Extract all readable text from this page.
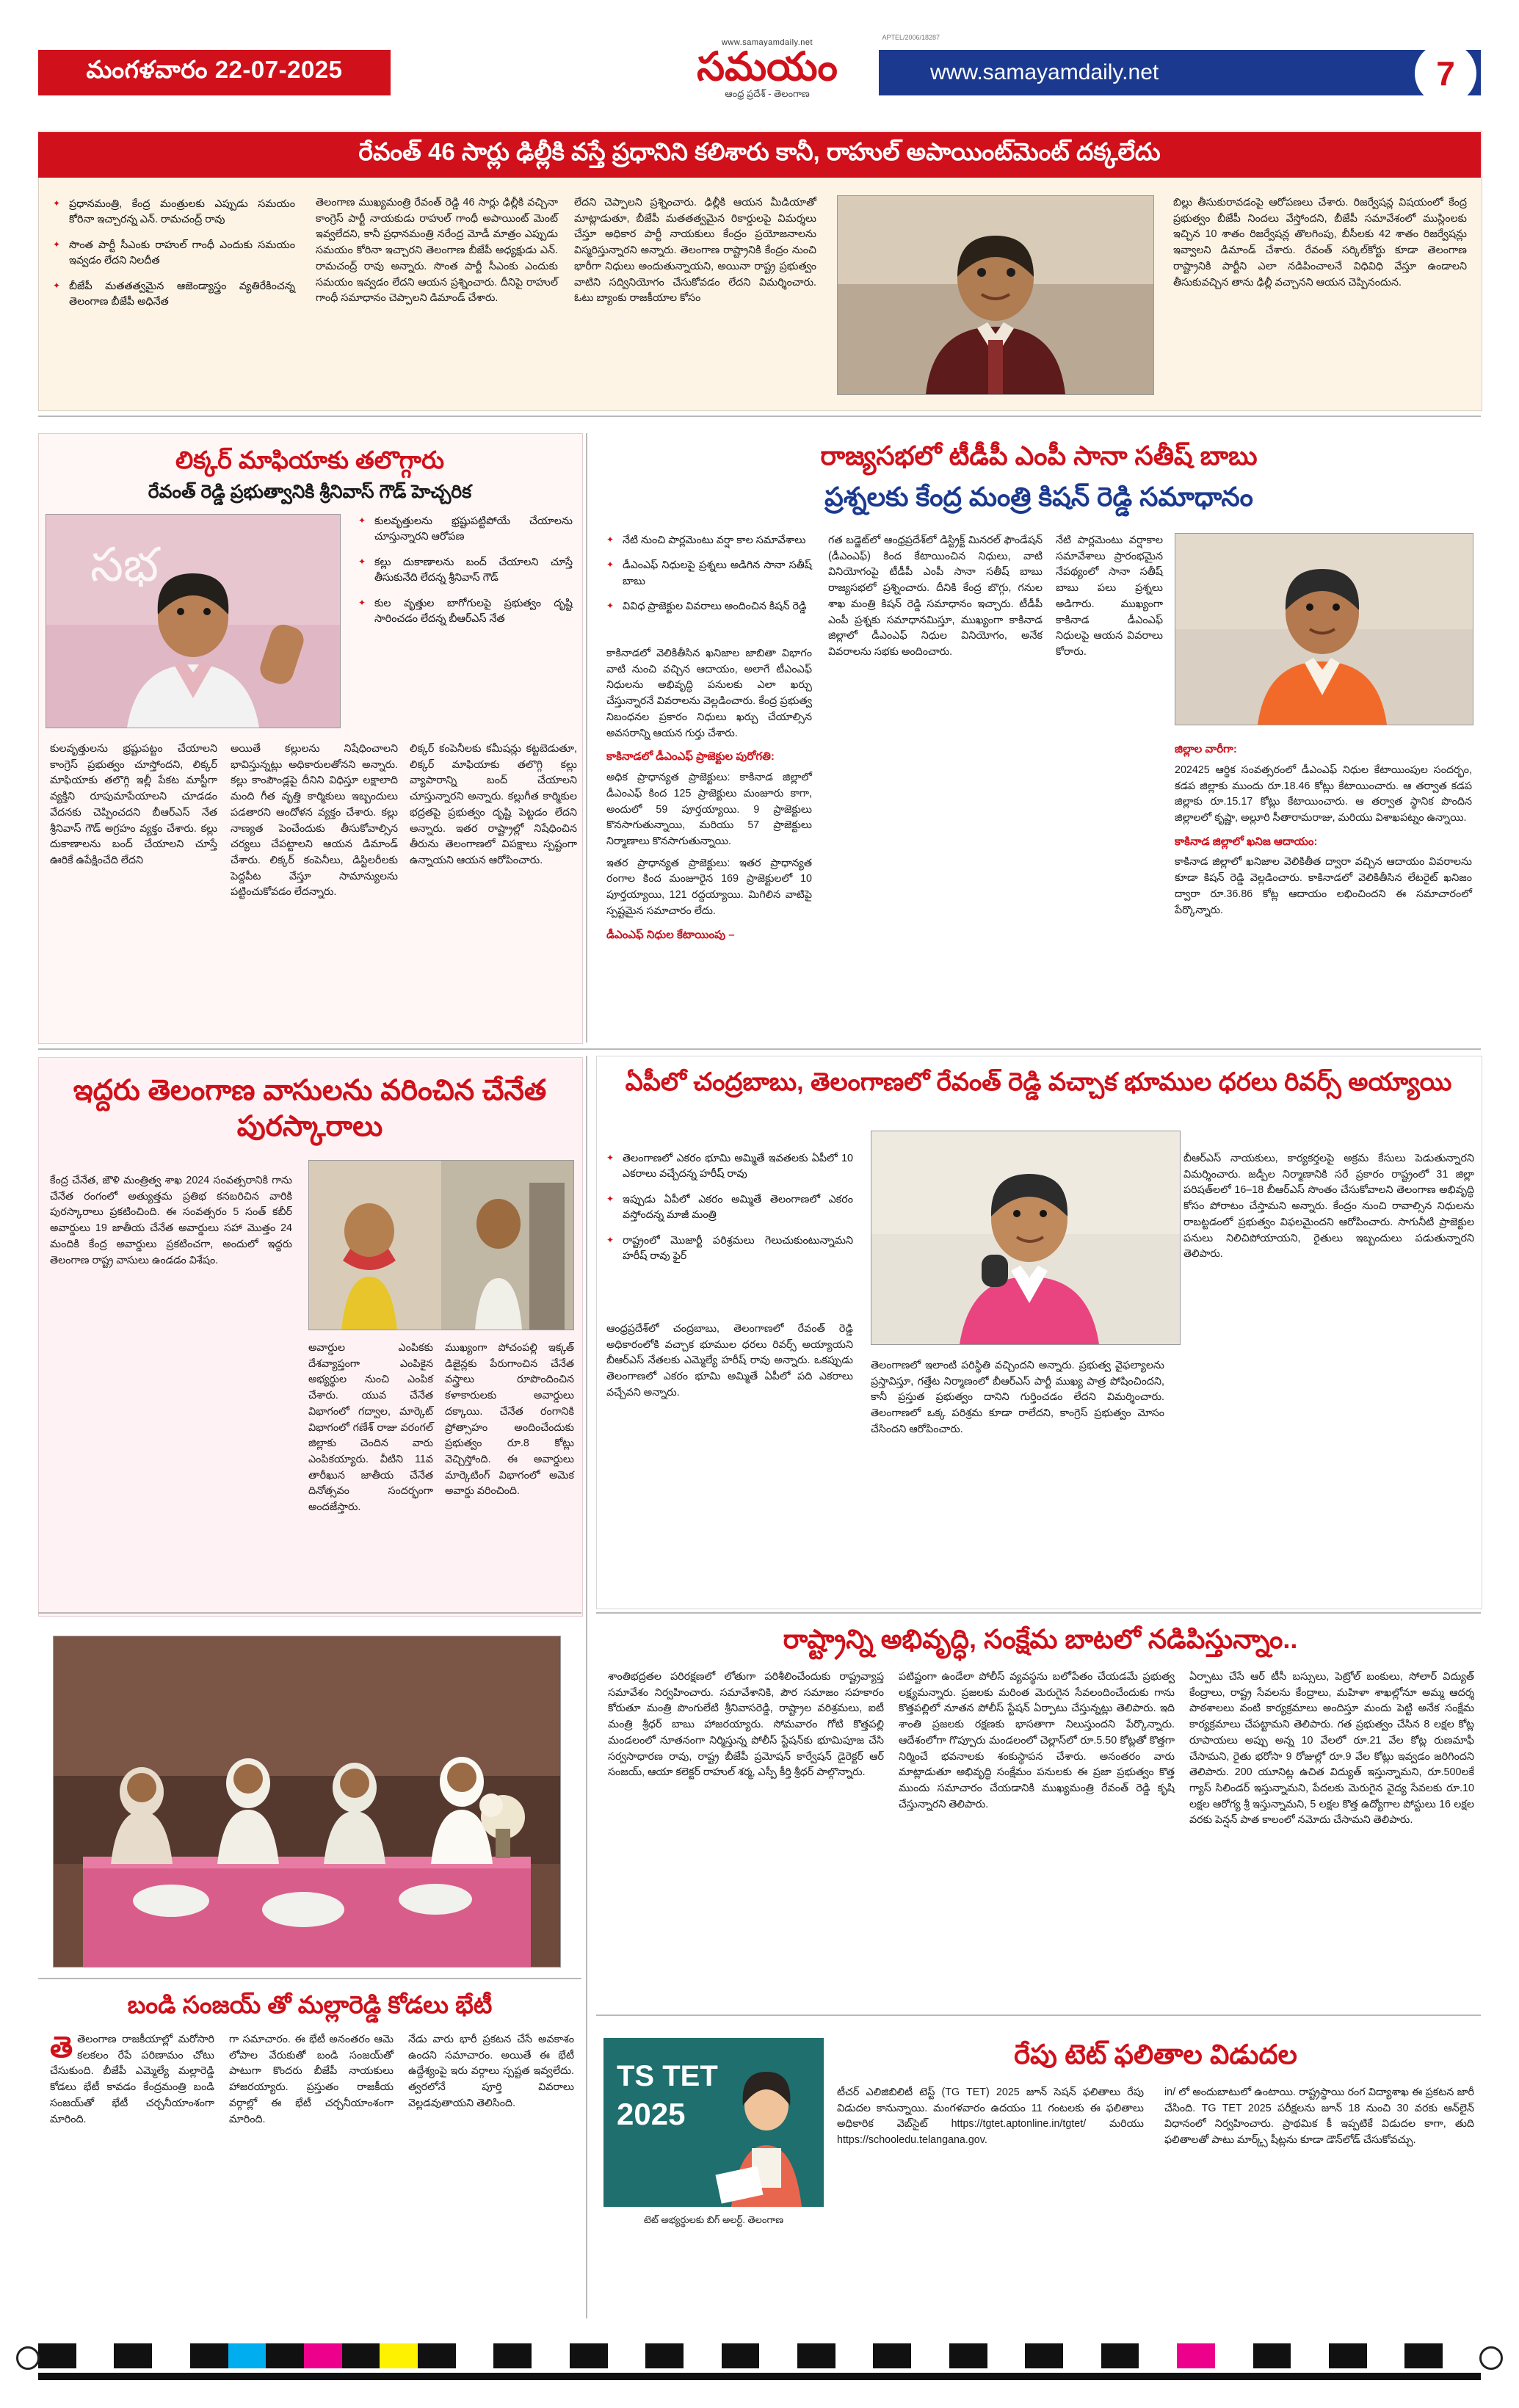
మంగళవారం 22-07-2025
www.samayamdaily.net
సమయం
ఆంధ్ర ప్రదేశ్ - తెలంగాణ
APTEL/2006/18287
www.samayamdaily.net	7
రేవంత్ 46 సార్లు ఢిల్లీకి వస్తే ప్రధానిని కలిశారు కానీ, రాహుల్ అపాయింట్‌మెంట్ దక్కలేదు
✦ ప్రధానమంత్రి, కేంద్ర మంత్రులకు ఎప్పుడు సమయం కోరినా ఇచ్చారన్న ఎన్. రామచంద్ర్ రావు
✦ సొంత పార్టీ సీఎంకు రాహుల్ గాంధీ ఎందుకు సమయం ఇవ్వడం లేదని నిలదీత
✦ బీజేపీ మతతత్వమైన ఆజెండ్యాస్త్రం వ్యతిరేకించన్న తెలంగాణ బీజేపీ అధినేత
తెలంగాణ ముఖ్యమంత్రి రేవంత్ రెడ్డి 46 సార్లు ఢిల్లీకి వచ్చినా కాంగ్రెస్ పార్టీ నాయకుడు రాహుల్ గాంధీ అపాయింట్ మెంట్ ఇవ్వలేదని, కానీ ప్రధానమంత్రి నరేంద్ర మోడీ మాత్రం ఎప్పుడు సమయం కోరినా ఇచ్చారని తెలంగాణ బీజేపీ అధ్యక్షుడు ఎన్. రామచంద్ర్ రావు అన్నారు. సొంత పార్టీ సీఎంకు ఎందుకు సమయం ఇవ్వడం లేదని ఆయన ప్రశ్నించారు. దీనిపై రాహుల్ గాంధీ సమాధానం చెప్పాలని డిమాండ్ చేశారు.
లేదని చెప్పాలని ప్రశ్నించారు. ఢిల్లీకి ఆయన మీడియాతో మాట్లాడుతూ, బీజేపీ మతతత్వమైన రికార్డులపై విమర్శలు చేస్తూ అధికార పార్టీ నాయకులు కేంద్రం ప్రయోజనాలను విస్మరిస్తున్నారని అన్నారు. తెలంగాణ రాష్ట్రానికి కేంద్రం నుంచి భారీగా నిధులు అందుతున్నాయని, అయినా రాష్ట్ర ప్రభుత్వం వాటిని సద్వినియోగం చేసుకోవడం లేదని విమర్శించారు. ఓటు బ్యాంకు రాజకీయాల కోసం
బిల్లు తీసుకురావడంపై ఆరోపణలు చేశారు. రిజర్వేషన్ల విషయంలో కేంద్ర ప్రభుత్వం బీజేపీ నిందలు వేస్తోందని, బీజేపీ సమావేశంలో ముస్లింలకు ఇచ్చిన 10 శాతం రిజర్వేషన్ల తొలగింపు, బీసీలకు 42 శాతం రిజర్వేషన్లు ఇవ్వాలని డిమాండ్ చేశారు. రేవంత్ సర్కిల్‌కోర్టు కూడా తెలంగాణ రాష్ట్రానికి పార్టీని ఎలా నడిపించాలనే విధివిధి వేస్తూ ఉండాలని తీసుకువచ్చిన తాను ఢిల్లీ వచ్చానని ఆయన చెప్పినందున.
లిక్కర్ మాఫియాకు తలొగ్గారు
రేవంత్ రెడ్డి ప్రభుత్వానికి శ్రీనివాస్ గౌడ్ హెచ్చరిక
సభ
✦ కులవృత్తులను భ్రష్టుపట్టిపోయే చేయాలను చూస్తున్నారని ఆరోపణ
✦ కల్లు దుకాణాలను బంద్ చేయాలని చూస్తే తీసుకునేది లేదన్న శ్రీనివాస్ గౌడ్
✦ కుల వృత్తుల బాగోగులపై ప్రభుత్వం దృష్టి సారించడం లేదన్న బీఆర్ఎస్ నేత
కులవృత్తులను భ్రష్టుపట్టం చేయాలని కాంగ్రెస్ ప్రభుత్వం చూస్తోందని, లిక్కర్ మాఫియాకు తలొగ్గి ఇల్లీ పేకట మాస్టీగా వ్యక్తిని రూపుమాపేయాలని చూడడం వేదనకు చెప్పించదని బీఆర్ఎస్ నేత శ్రీనివాస్ గౌడ్ అగ్రహం వ్యక్తం చేశారు. కల్లు దుకాణాలను బంద్ చేయాలని చూస్తే ఊరికే ఉపేక్షించేది లేదని
అయితే కల్లులను నిషేధించాలని భావిస్తున్నట్లు అధికారులతోనని అన్నారు. కల్లు కాంపౌండ్లపై దీనిని విధిస్తూ లక్షాలాది మంది గీత వృత్తి కార్మికులు ఇబ్బందులు పడతారని ఆందోళన వ్యక్తం చేశారు. కల్లు నాణ్యత పెంచేందుకు తీసుకోవాల్సిన చర్యలు చేపట్టాలని ఆయన డిమాండ్ చేశారు. లిక్కర్ కంపెనీలు, డిస్టిలరీలకు పెద్దపీట వేస్తూ సామాన్యులను పట్టించుకోవడం లేదన్నారు.
లిక్కర్ కంపెనీలకు కమీషన్లు కట్టబెడుతూ, లిక్కర్ మాఫియాకు తలొగ్గి కల్లు వ్యాపారాన్ని బంద్ చేయాలని చూస్తున్నారని అన్నారు. కల్లుగీత కార్మికుల భద్రతపై ప్రభుత్వం దృష్టి పెట్టడం లేదని అన్నారు. ఇతర రాష్ట్రాల్లో నిషేధించిన తీరును తెలంగాణలో విపక్షాలు స్పష్టంగా ఉన్నాయని ఆయన ఆరోపించారు.
రాజ్యసభలో టీడీపీ ఎంపీ సానా సతీష్ బాబు
ప్రశ్నలకు కేంద్ర మంత్రి కిషన్ రెడ్డి సమాధానం
✦ నేటి నుంచి పార్లమెంటు వర్షా కాల సమావేశాలు
✦ డీఎంఎఫ్ నిధులపై ప్రశ్నలు అడిగిన సానా సతీష్ బాబు
✦ వివిధ ప్రాజెక్టుల వివరాలు అందించిన కిషన్ రెడ్డి
గత బడ్జెట్‌లో ఆంధ్రప్రదేశ్‌లో డిస్ట్రిక్ట్ మినరల్ ఫౌండేషన్ (డీఎంఎఫ్) కింద కేటాయించిన నిధులు, వాటి వినియోగంపై టీడీపీ ఎంపీ సానా సతీష్ బాబు రాజ్యసభలో ప్రశ్నించారు. దీనికి కేంద్ర బొగ్గు, గనుల శాఖ మంత్రి కిషన్ రెడ్డి సమాధానం ఇచ్చారు. టీడీపీ ఎంపీ ప్రశ్నకు సమాధానమిస్తూ, ముఖ్యంగా కాకినాడ జిల్లాలో డీఎంఎఫ్ నిధుల వినియోగం, అనేక వివరాలను సభకు అందించారు.
కాకినాడలో వెలికితీసిన ఖనిజాల జాబితా విభాగం వాటి నుంచి వచ్చిన ఆదాయం, అలాగే టీఎంఎఫ్ నిధులను అభివృద్ధి పనులకు ఎలా ఖర్చు చేస్తున్నారనే వివరాలను వెల్లడించారు. కేంద్ర ప్రభుత్వ నిబంధనల ప్రకారం నిధులు ఖర్చు చేయాల్సిన అవసరాన్ని ఆయన గుర్తు చేశారు.
కాకినాడలో డీఎంఎఫ్ ప్రాజెక్టుల పురోగతి:
అధిక ప్రాధాన్యత ప్రాజెక్టులు: కాకినాడ జిల్లాలో డీఎంఎఫ్ కింద 125 ప్రాజెక్టులు మంజూరు కాగా, అందులో 59 పూర్తయ్యాయి. 9 ప్రాజెక్టులు కొనసాగుతున్నాయి, మరియు 57 ప్రాజెక్టులు నిర్మాణాలు కొనసాగుతున్నాయి.
ఇతర ప్రాధాన్యత ప్రాజెక్టులు: ఇతర ప్రాధాన్యత రంగాల కింద మంజూరైన 169 ప్రాజెక్టులలో 10 పూర్తయ్యాయి, 121 రద్దయ్యాయి. మిగిలిన వాటిపై స్పష్టమైన సమాచారం లేదు.
డీఎంఎఫ్ నిధుల కేటాయింపు –
నేటి పార్లమెంటు వర్షాకాల సమావేశాలు ప్రారంభమైన నేపథ్యంలో సానా సతీష్ బాబు పలు ప్రశ్నలు అడిగారు. ముఖ్యంగా కాకినాడ డీఎంఎఫ్ నిధులపై ఆయన వివరాలు కోరారు.
జిల్లాల వారీగా:
202425 ఆర్థిక సంవత్సరంలో డీఎంఎఫ్ నిధుల కేటాయింపుల సందర్భం, కడప జిల్లాకు ముందు రూ.18.46 కోట్లు కేటాయించారు. ఆ తర్వాత కడప జిల్లాకు రూ.15.17 కోట్లు కేటాయించారు. ఆ తర్వాత స్థానిక పొందిన జిల్లాలలో కృష్ణా, అల్లూరి సీతారామరాజు, మరియు విశాఖపట్నం ఉన్నాయి.
కాకినాడ జిల్లాలో ఖనిజ ఆదాయం:
కాకినాడ జిల్లాలో ఖనిజాల వెలికితీత ద్వారా వచ్చిన ఆదాయం వివరాలను కూడా కిషన్ రెడ్డి వెల్లడించారు. కాకినాడలో వెలికితీసిన లేటరైట్ ఖనిజం ద్వారా రూ.36.86 కోట్ల ఆదాయం లభించిందని ఈ సమాచారంలో పేర్కొన్నారు.
ఇద్దరు తెలంగాణ వాసులను వరించిన చేనేత పురస్కారాలు
కేంద్ర చేనేత, జౌళి మంత్రిత్వ శాఖ 2024 సంవత్సరానికి గాను చేనేత రంగంలో అత్యుత్తమ ప్రతిభ కనబరిచిన వారికి పురస్కారాలు ప్రకటించింది. ఈ సంవత్సరం 5 సంత్ కబీర్ అవార్డులు 19 జాతీయ చేనేత అవార్డులు సహా మొత్తం 24 మందికి కేంద్ర అవార్డులు ప్రకటించగా, అందులో ఇద్దరు తెలంగాణ రాష్ట్ర వాసులు ఉండడం విశేషం.
అవార్డుల ఎంపికకు దేశవ్యాప్తంగా ఎంపికైన అభ్యర్థుల నుంచి ఎంపిక చేశారు. యువ చేనేత విభాగంలో గద్వాల, మార్కెట్ విభాగంలో గణేశ్ రాజు వరంగల్ జిల్లాకు చెందిన వారు ఎంపికయ్యారు. వీటిని 11వ తారీఖున జాతీయ చేనేత దినోత్సవం సందర్భంగా అందజేస్తారు.
ముఖ్యంగా పోచంపల్లి ఇక్కత్ డిజైన్లకు పేరుగాంచిన చేనేత వస్త్రాలు రూపొందించిన కళాకారులకు అవార్డులు దక్కాయి. చేనేత రంగానికి ప్రోత్సాహం అందించేందుకు ప్రభుత్వం రూ.8 కోట్లు వెచ్చిస్తోంది. ఈ అవార్డులు మార్కెటింగ్ విభాగంలో అమెక అవార్డు వరించింది.
ఏపీలో చంద్రబాబు, తెలంగాణలో రేవంత్ రెడ్డి వచ్చాక భూముల ధరలు రివర్స్ అయ్యాయి
✦ తెలంగాణలో ఎకరం భూమి అమ్మితే ఇవతలకు ఏపీలో 10 ఎకరాలు వచ్చేదన్న హరీష్ రావు
✦ ఇప్పుడు ఏపీలో ఎకరం అమ్మితే తెలంగాణలో ఎకరం వస్తోందన్న మాజీ మంత్రి
✦ రాష్ట్రంలో మొజార్టీ పరిశ్రమలు గెలుచుకుంటున్నామని హరీష్ రావు ఫైర్
ఆంధ్రప్రదేశ్‌లో చంద్రబాబు, తెలంగాణలో రేవంత్ రెడ్డి అధికారంలోకి వచ్చాక భూముల ధరలు రివర్స్ అయ్యాయని బీఆర్ఎస్ నేతలకు ఎమ్మెల్యే హరీష్ రావు అన్నారు. ఒకప్పుడు తెలంగాణలో ఎకరం భూమి అమ్మితే ఏపీలో పది ఎకరాలు వచ్చేవని అన్నారు.
తెలంగాణలో ఇలాంటి పరిస్థితి వచ్చిందని అన్నారు. ప్రభుత్వ వైఫల్యాలను ప్రస్తావిస్తూ, గత్తేట నిర్మాణంలో బీఆర్ఎస్ పార్టీ ముఖ్య పాత్ర పోషించిందని, కానీ ప్రస్తుత ప్రభుత్వం దానిని గుర్తించడం లేదని విమర్శించారు. తెలంగాణలో ఒక్క పరిశ్రమ కూడా రాలేదని, కాంగ్రెస్ ప్రభుత్వం మోసం చేసిందని ఆరోపించారు.
బీఆర్ఎస్ నాయకులు, కార్యకర్తలపై అక్రమ కేసులు పెడుతున్నారని విమర్శించారు. జడ్పీల నిర్మాణానికి సరే ప్రకారం రాష్ట్రంలో 31 జిల్లా పరిషత్‌లలో 16–18 బీఆర్ఎస్ సొంతం చేసుకోవాలని తెలంగాణ అభివృద్ధి కోసం పోరాటం చేస్తామని అన్నారు. కేంద్రం నుంచి రావాల్సిన నిధులను రాబట్టడంలో ప్రభుత్వం విఫలమైందని ఆరోపించారు. సాగునీటి ప్రాజెక్టుల పనులు నిలిచిపోయాయని, రైతులు ఇబ్బందులు పడుతున్నారని తెలిపారు.
బండి సంజయ్ తో మల్లారెడ్డి కోడలు భేటీ
తెతెలంగాణ రాజకీయాల్లో మరోసారి కలకలం రేపే పరిణామం చోటు చేసుకుంది. బీజేపీ ఎమ్మెల్యే మల్లారెడ్డి కోడలు భేటీ కావడం కేంద్రమంత్రి బండి సంజయ్‌తో భేటీ చర్చనీయాంశంగా మారింది.
గా సమాచారం. ఈ భేటీ అనంతరం ఆమె లోపాల వేరుకుతో బండి సంజయ్‌తో పాటుగా కొందరు బీజేపీ నాయకులు హాజరయ్యారు. ప్రస్తుతం రాజకీయ వర్గాల్లో ఈ భేటీ చర్చనీయాంశంగా మారింది.
నేడు వారు భారీ ప్రకటన చేసే అవకాశం ఉందని సమాచారం. అయితే ఈ భేటీ ఉద్దేశ్యంపై ఇరు వర్గాలు స్పష్టత ఇవ్వలేదు. త్వరలోనే పూర్తి వివరాలు వెల్లడవుతాయని తెలిసింది.
రాష్ట్రాన్ని అభివృద్ధి, సంక్షేమ బాటలో నడిపిస్తున్నాం..
శాంతిభద్రతల పరిరక్షణలో లోతుగా పరిశీలించేందుకు రాష్ట్రవ్యాప్త సమావేశం నిర్వహించారు. సమావేశానికి, పౌర సమాజం సహకారం కోరుతూ మంత్రి పొంగులేటి శ్రీనివాసరెడ్డి, రాష్ట్రాల వరిశ్రమలు, ఐటీ మంత్రి శ్రీధర్ బాబు హాజరయ్యారు. సోమవారం గోటి కొత్తపల్లి మండలంలో నూతనంగా నిర్మిస్తున్న పోలీస్ స్టేషన్‌కు భూమిపూజ చేసి సర్వసాధారణ రావు, రాష్ట్ర బీజేపీ ప్రమోషన్ కార్వేషన్ డైరెక్టర్ ఆర్ సంజయ్, ఆయా కలెక్టర్ రాహుల్ శర్మ, ఎస్పీ కీర్తి శ్రీధర్ పాల్గొన్నారు.
పటిష్టంగా ఉండేలా పోలీస్ వ్యవస్థను బలోపేతం చేయడమే ప్రభుత్వ లక్ష్యమన్నారు. ప్రజలకు మరింత మెరుగైన సేవలందించేందుకు గాను కొత్తపల్లిలో నూతన పోలీస్ స్టేషన్ ఏర్పాటు చేస్తున్నట్లు తెలిపారు. ఇది శాంతి ప్రజలకు రక్షణకు భాసతాగా నిలుస్తుందని పేర్కొన్నారు. ఆదేశంలోగా గొప్పూరు మండలంలో చెల్లాస్‌లో రూ.5.50 కోట్లతో కొత్తగా నిర్మించే భవనాలకు శంకుస్థాపన చేశారు. అనంతరం వారు మాట్లాడుతూ అభివృద్ధి సంక్షేమం పనులకు ఈ ప్రజా ప్రభుత్వం కొత్త ముందు సమాచారం చేయడానికి ముఖ్యమంత్రి రేవంత్ రెడ్డి కృషి చేస్తున్నారని తెలిపారు.
ఏర్పాటు చేసే ఆర్ టీసీ బస్సులు, పెట్రోల్ బంకులు, సోలార్ విద్యుత్ కేంద్రాలు, రాష్ట్ర సేవలను కేంద్రాలు, మహిళా శాఖల్లోనూ అమ్మ ఆదర్శ పాఠశాలలు వంటి కార్యక్రమాలు అందిస్తూ మందు పెట్టి అనేక సంక్షేమ కార్యక్రమాలు చేపట్టామని తెలిపారు. గత ప్రభుత్వం చేసిన 8 లక్షల కోట్ల రూపాయలు అప్పు అన్న 10 వేలలో రూ.21 వేల కోట్ల రుణమాఫీ చేసామని, రైతు భరోసా 9 రోజుల్లో రూ.9 వేల కోట్లు ఇవ్వడం జరిగిందని తెలిపారు. 200 యూనిట్ల ఉచిత విద్యుత్ ఇస్తున్నామని, రూ.500లకే గ్యాస్ సిలిండర్ ఇస్తున్నామని, పేదలకు మెరుగైన వైద్య సేవలకు రూ.10 లక్షల ఆరోగ్య శ్రీ ఇస్తున్నామని, 5 లక్షల కొత్త ఉద్యోగాల పోస్టులు 16 లక్షల వరకు పెన్షన్ పాత కాలంలో నమోదు చేసామని తెలిపారు.
TS TET
2025
టెట్ అభ్యర్థులకు బిగ్ అలర్ట్. తెలంగాణ
రేపు టెట్ ఫలితాల విడుదల
టీచర్ ఎలిజిబిలిటీ టెస్ట్ (TG TET) 2025 జూన్ సెషన్ ఫలితాలు రేపు విడుదల కానున్నాయి. మంగళవారం ఉదయం 11 గంటలకు ఈ ఫలితాలు అధికారిక వెబ్‌సైట్ https://tgtet.aptonline.in/tgtet/ మరియు https://schooledu.telangana.gov.
in/ లో అందుబాటులో ఉంటాయి. రాష్ట్రస్థాయి రంగ విద్యాశాఖ ఈ ప్రకటన జారీ చేసింది. TG TET 2025 పరీక్షలను జూన్ 18 నుంచి 30 వరకు ఆన్‌లైన్ విధానంలో నిర్వహించారు. ప్రాథమిక కీ ఇప్పటికే విడుదల కాగా, తుది ఫలితాలతో పాటు మార్క్స్ షీట్లను కూడా డౌన్‌లోడ్ చేసుకోవచ్చు.
